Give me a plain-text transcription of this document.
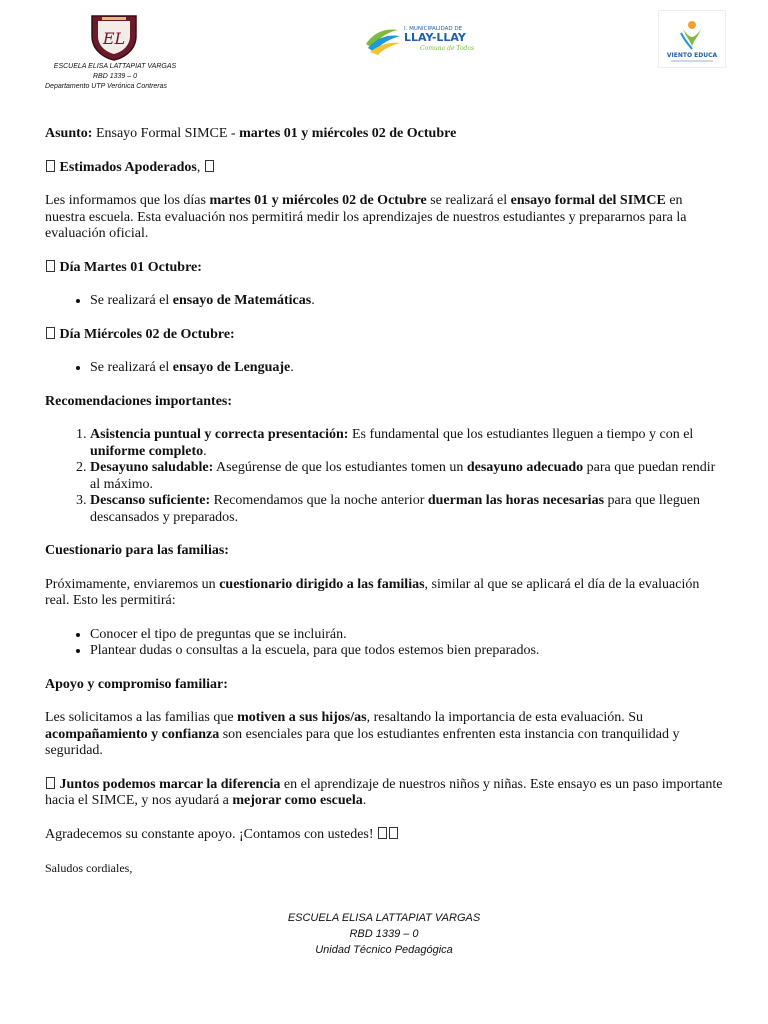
EL
ESCUELA ELISA LATTAPIAT VARGAS
RBD 1339 – 0
Departamento UTP Verónica Contreras
I. MUNICIPALIDAD DE
LLAY-LLAY
Comuna de Todos
VIENTO EDUCA

Asunto: Ensayo Formal SIMCE - martes 01 y miércoles 02 de Octubre

Estimados Apoderados,

Les informamos que los días martes 01 y miércoles 02 de Octubre se realizará el ensayo formal del SIMCE en nuestra escuela. Esta evaluación nos permitirá medir los aprendizajes de nuestros estudiantes y prepararnos para la evaluación oficial.

Día Martes 01 Octubre:

• Se realizará el ensayo de Matemáticas.

Día Miércoles 02 de Octubre:

• Se realizará el ensayo de Lenguaje.

Recomendaciones importantes:

1. Asistencia puntual y correcta presentación: Es fundamental que los estudiantes lleguen a tiempo y con el uniforme completo.
2. Desayuno saludable: Asegúrense de que los estudiantes tomen un desayuno adecuado para que puedan rendir al máximo.
3. Descanso suficiente: Recomendamos que la noche anterior duerman las horas necesarias para que lleguen descansados y preparados.

Cuestionario para las familias:

Próximamente, enviaremos un cuestionario dirigido a las familias, similar al que se aplicará el día de la evaluación real. Esto les permitirá:

• Conocer el tipo de preguntas que se incluirán.
• Plantear dudas o consultas a la escuela, para que todos estemos bien preparados.

Apoyo y compromiso familiar:

Les solicitamos a las familias que motiven a sus hijos/as, resaltando la importancia de esta evaluación. Su acompañamiento y confianza son esenciales para que los estudiantes enfrenten esta instancia con tranquilidad y seguridad.

Juntos podemos marcar la diferencia en el aprendizaje de nuestros niños y niñas. Este ensayo es un paso importante hacia el SIMCE, y nos ayudará a mejorar como escuela.

Agradecemos su constante apoyo. ¡Contamos con ustedes!

Saludos cordiales,

ESCUELA ELISA LATTAPIAT VARGAS
RBD 1339 – 0
Unidad Técnico Pedagógica
